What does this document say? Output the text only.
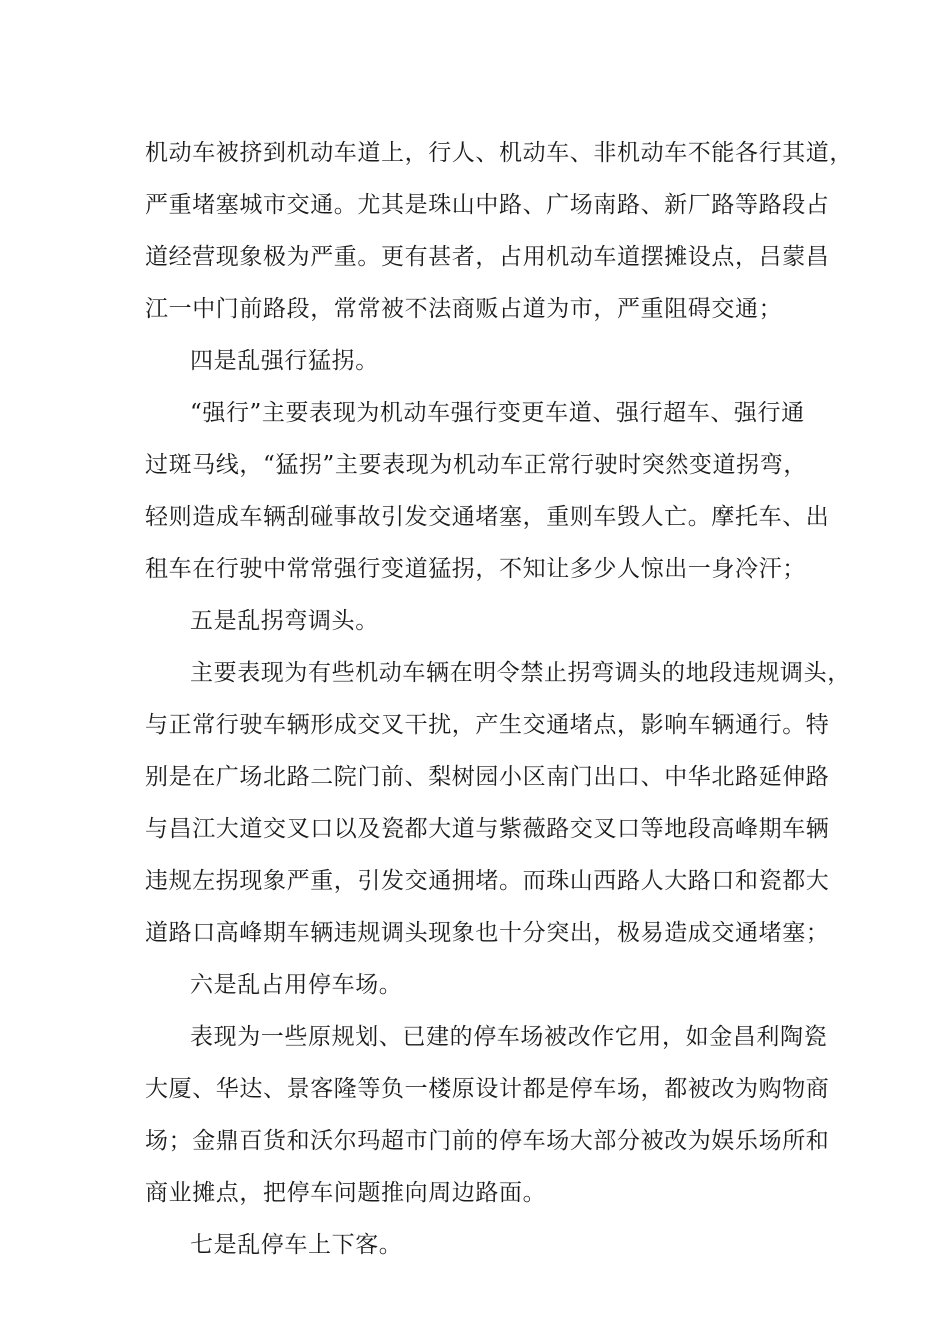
机动车被挤到机动车道上，行人、机动车、非机动车不能各行其道，
严重堵塞城市交通。尤其是珠山中路、广场南路、新厂路等路段占
道经营现象极为严重。更有甚者，占用机动车道摆摊设点，吕蒙昌
江一中门前路段，常常被不法商贩占道为市，严重阻碍交通；
四是乱强行猛拐。
“强行”主要表现为机动车强行变更车道、强行超车、强行通
过斑马线，“猛拐”主要表现为机动车正常行驶时突然变道拐弯，
轻则造成车辆刮碰事故引发交通堵塞，重则车毁人亡。摩托车、出
租车在行驶中常常强行变道猛拐，不知让多少人惊出一身冷汗；
五是乱拐弯调头。
主要表现为有些机动车辆在明令禁止拐弯调头的地段违规调头，
与正常行驶车辆形成交叉干扰，产生交通堵点，影响车辆通行。特
别是在广场北路二院门前、梨树园小区南门出口、中华北路延伸路
与昌江大道交叉口以及瓷都大道与紫薇路交叉口等地段高峰期车辆
违规左拐现象严重，引发交通拥堵。而珠山西路人大路口和瓷都大
道路口高峰期车辆违规调头现象也十分突出，极易造成交通堵塞；
六是乱占用停车场。
表现为一些原规划、已建的停车场被改作它用，如金昌利陶瓷
大厦、华达、景客隆等负一楼原设计都是停车场，都被改为购物商
场；金鼎百货和沃尔玛超市门前的停车场大部分被改为娱乐场所和
商业摊点，把停车问题推向周边路面。
七是乱停车上下客。
